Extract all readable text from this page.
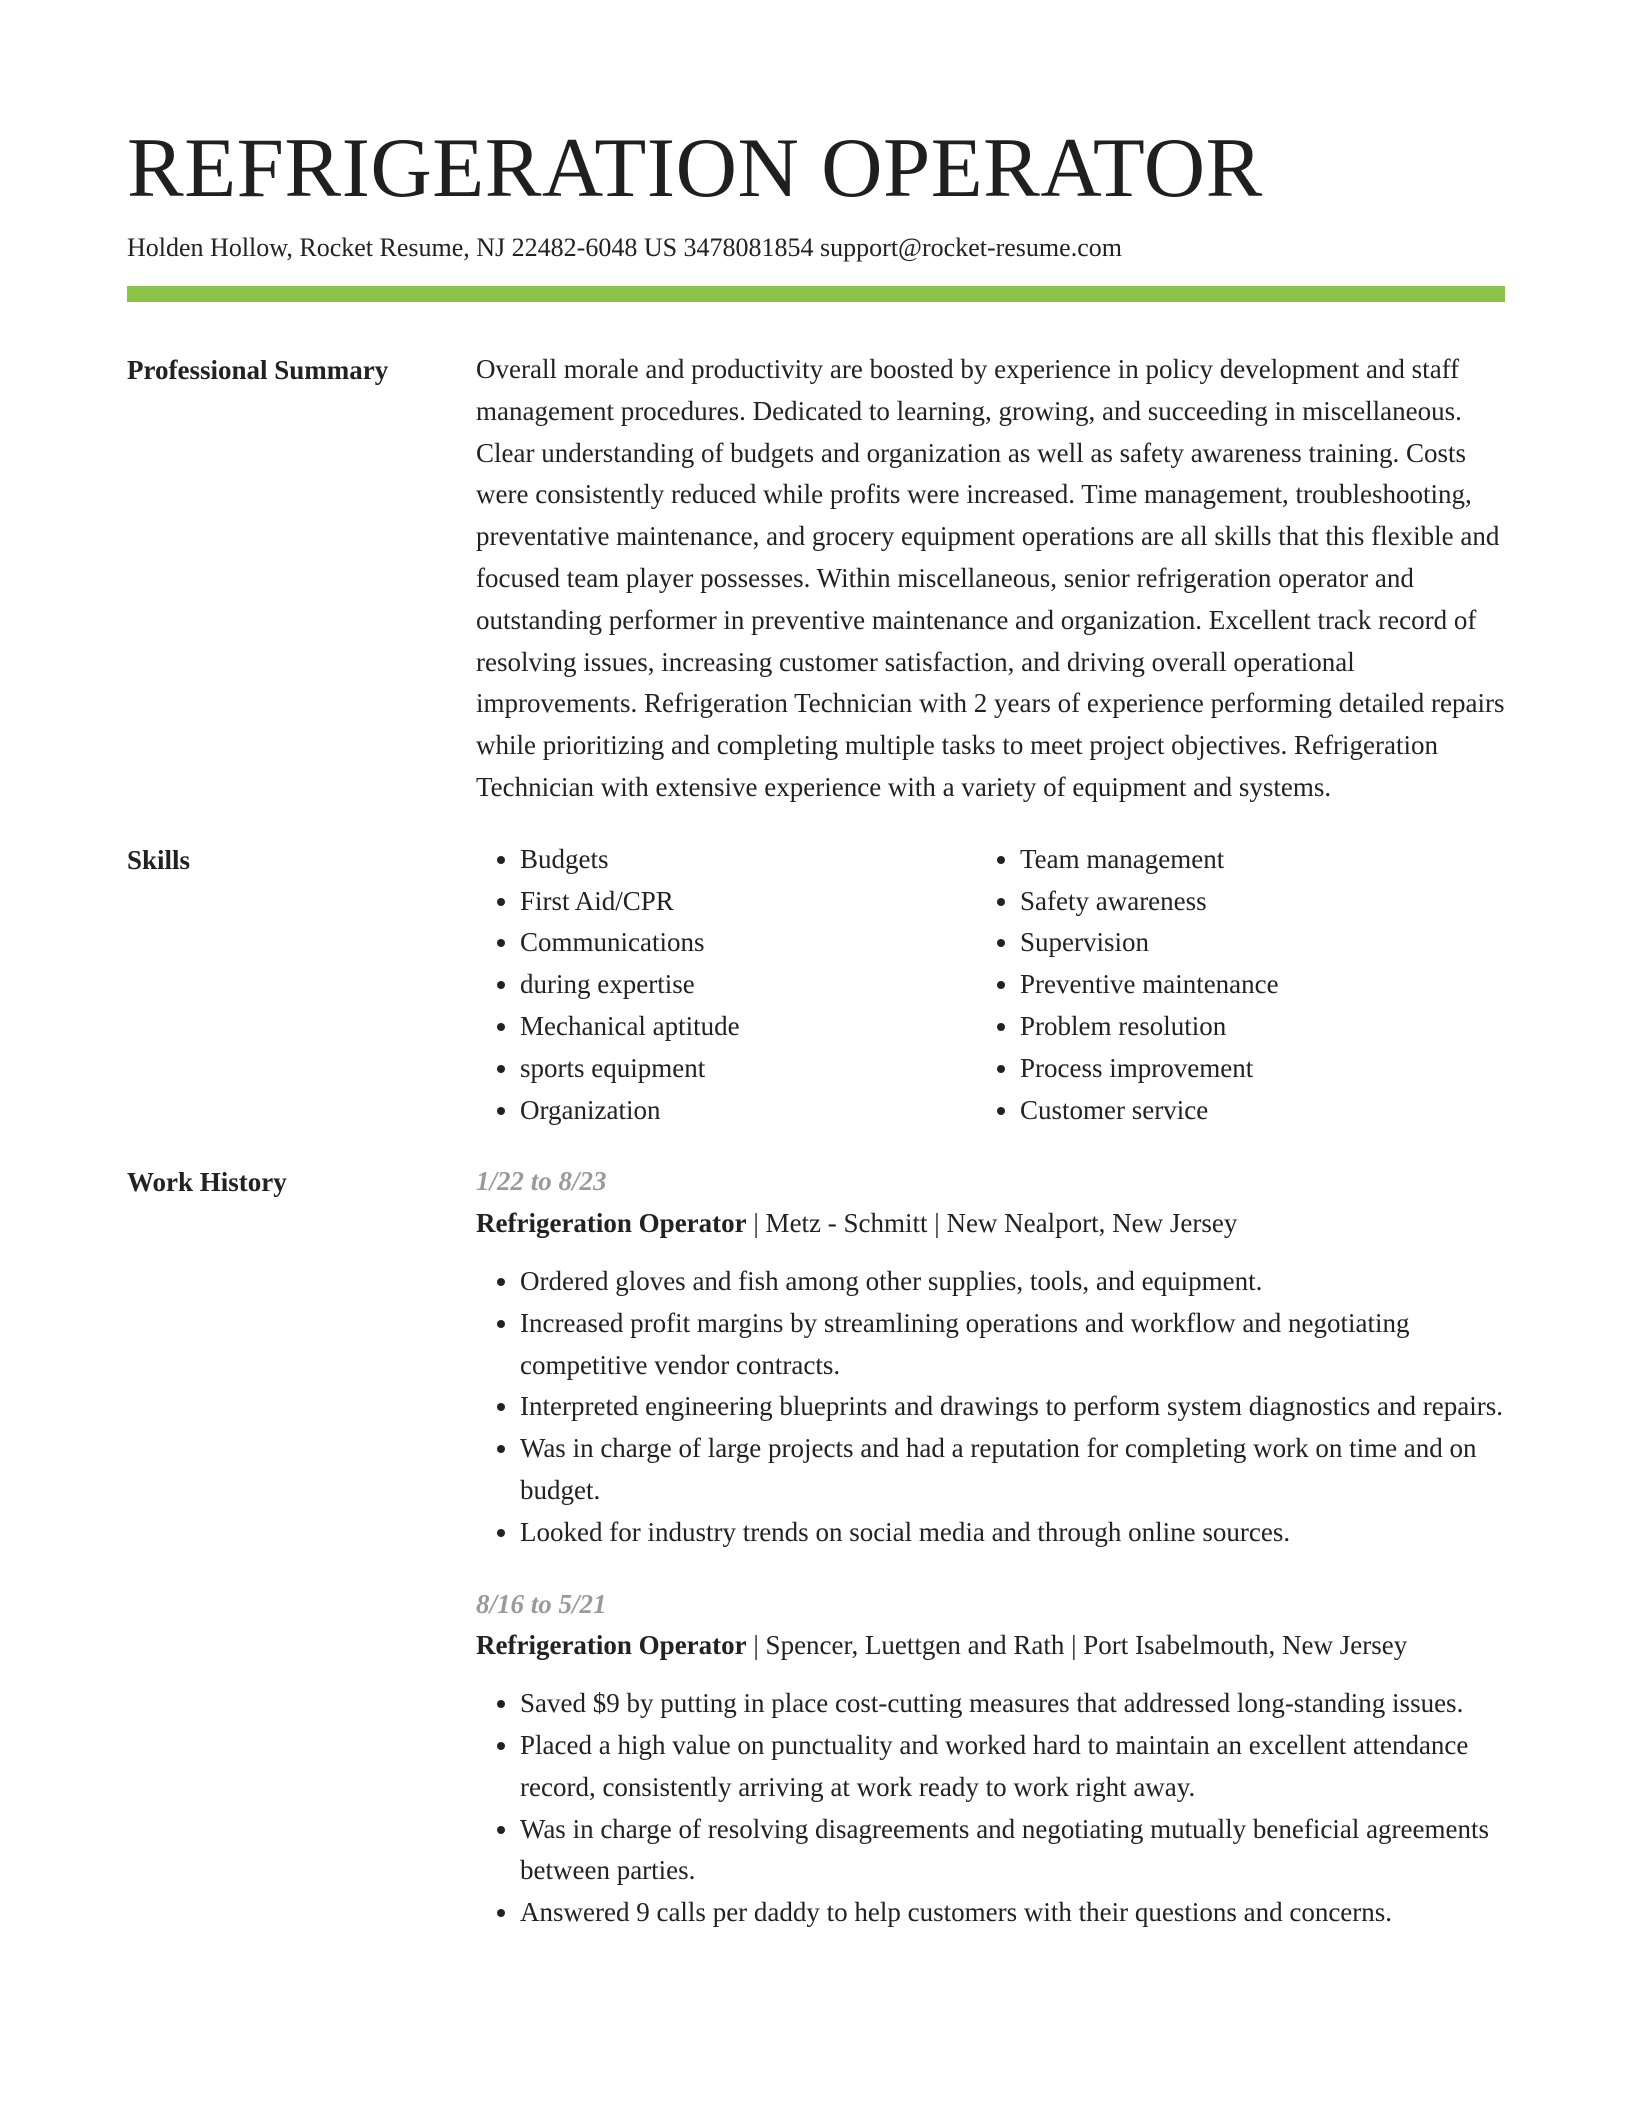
REFRIGERATION OPERATOR
Holden Hollow, Rocket Resume, NJ 22482-6048 US 3478081854 support@rocket-resume.com
Professional Summary	Overall morale and productivity are boosted by experience in policy development and staff management procedures. Dedicated to learning, growing, and succeeding in miscellaneous. Clear understanding of budgets and organization as well as safety awareness training. Costs were consistently reduced while profits were increased. Time management, troubleshooting, preventative maintenance, and grocery equipment operations are all skills that this flexible and focused team player possesses. Within miscellaneous, senior refrigeration operator and outstanding performer in preventive maintenance and organization. Excellent track record of resolving issues, increasing customer satisfaction, and driving overall operational improvements. Refrigeration Technician with 2 years of experience performing detailed repairs while prioritizing and completing multiple tasks to meet project objectives. Refrigeration Technician with extensive experience with a variety of equipment and systems.
Skills
•	Budgets
• First Aid/CPR
• Communications
• during expertise
• Mechanical aptitude
• sports equipment
• Organization
• Team management
• Safety awareness
• Supervision
• Preventive maintenance
• Problem resolution
• Process improvement
• Customer service
Work History	1/22 to 8/23
Refrigeration Operator | Metz - Schmitt | New Nealport, New Jersey
• Ordered gloves and fish among other supplies, tools, and equipment.
• Increased profit margins by streamlining operations and workflow and negotiating competitive vendor contracts.
• Interpreted engineering blueprints and drawings to perform system diagnostics and repairs.
• Was in charge of large projects and had a reputation for completing work on time and on budget.
• Looked for industry trends on social media and through online sources.
8/16 to 5/21
Refrigeration Operator | Spencer, Luettgen and Rath | Port Isabelmouth, New Jersey
• Saved $9 by putting in place cost-cutting measures that addressed long-standing issues.
• Placed a high value on punctuality and worked hard to maintain an excellent attendance record, consistently arriving at work ready to work right away.
• Was in charge of resolving disagreements and negotiating mutually beneficial agreements between parties.
• Answered 9 calls per daddy to help customers with their questions and concerns.
